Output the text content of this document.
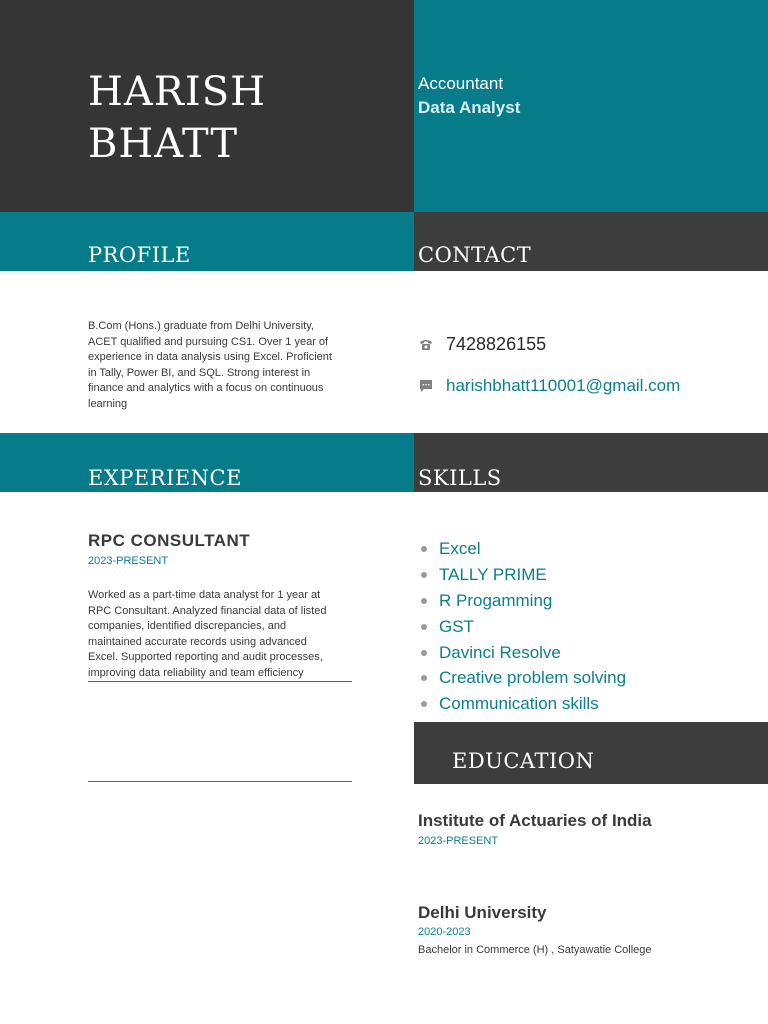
HARISH
BHATT
Accountant
Data Analyst
PROFILE	CONTACT
EXPERIENCE	SKILLS
EDUCATION
B.Com (Hons.) graduate from Delhi University,
ACET qualified and pursuing CS1. Over 1 year of
experience in data analysis using Excel. Proficient
in Tally, Power BI, and SQL. Strong interest in
finance and analytics with a focus on continuous
learning
7428826155
harishbhatt110001@gmail.com
RPC CONSULTANT
2023-PRESENT
Worked as a part-time data analyst for 1 year at
RPC Consultant. Analyzed financial data of listed
companies, identified discrepancies, and
maintained accurate records using advanced
Excel. Supported reporting and audit processes,
improving data reliability and team efficiency
Excel
TALLY PRIME
R Progamming
GST
Davinci Resolve
Creative problem solving
Communication skills
Institute of Actuaries of India
2023-PRESENT
Delhi University
2020-2023
Bachelor in Commerce (H) , Satyawatie College
